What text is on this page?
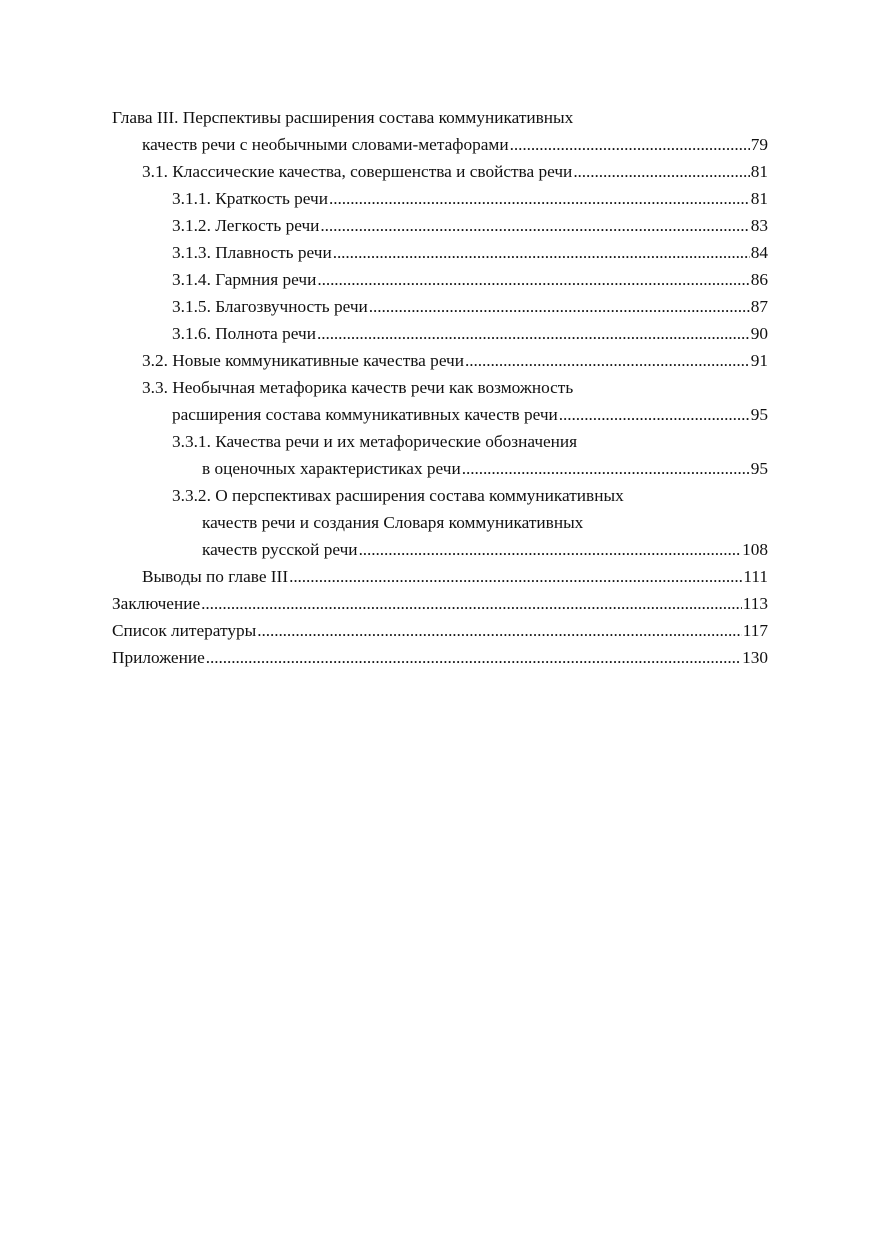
Глава III. Перспективы расширения состава коммуникативных
качеств речи с необычными словами-метафорами . . .	79
3.1. Классические качества, совершенства и свойства речи . . .	81
3.1.1. Краткость речи . . .	81
3.1.2. Легкость речи . . .	83
3.1.3. Плавность речи . . .	84
3.1.4. Гармния речи . . .	86
3.1.5. Благозвучность речи . . .	87
3.1.6. Полнота речи . . .	90
3.2. Новые коммуникативные качества речи . . .	91
3.3. Необычная метафорика качеств речи как возможность
расширения состава коммуникативных качеств речи . . .	95
3.3.1. Качества речи и их метафорические обозначения
в оценочных характеристиках речи . . .	95
3.3.2. О перспективах расширения состава коммуникативных
качеств речи и создания Словаря коммуникативных
качеств русской речи . . .	108
Выводы по главе III . . .	111
Заключение . . .	113
Список литературы . . .	117
Приложение . . .	130
